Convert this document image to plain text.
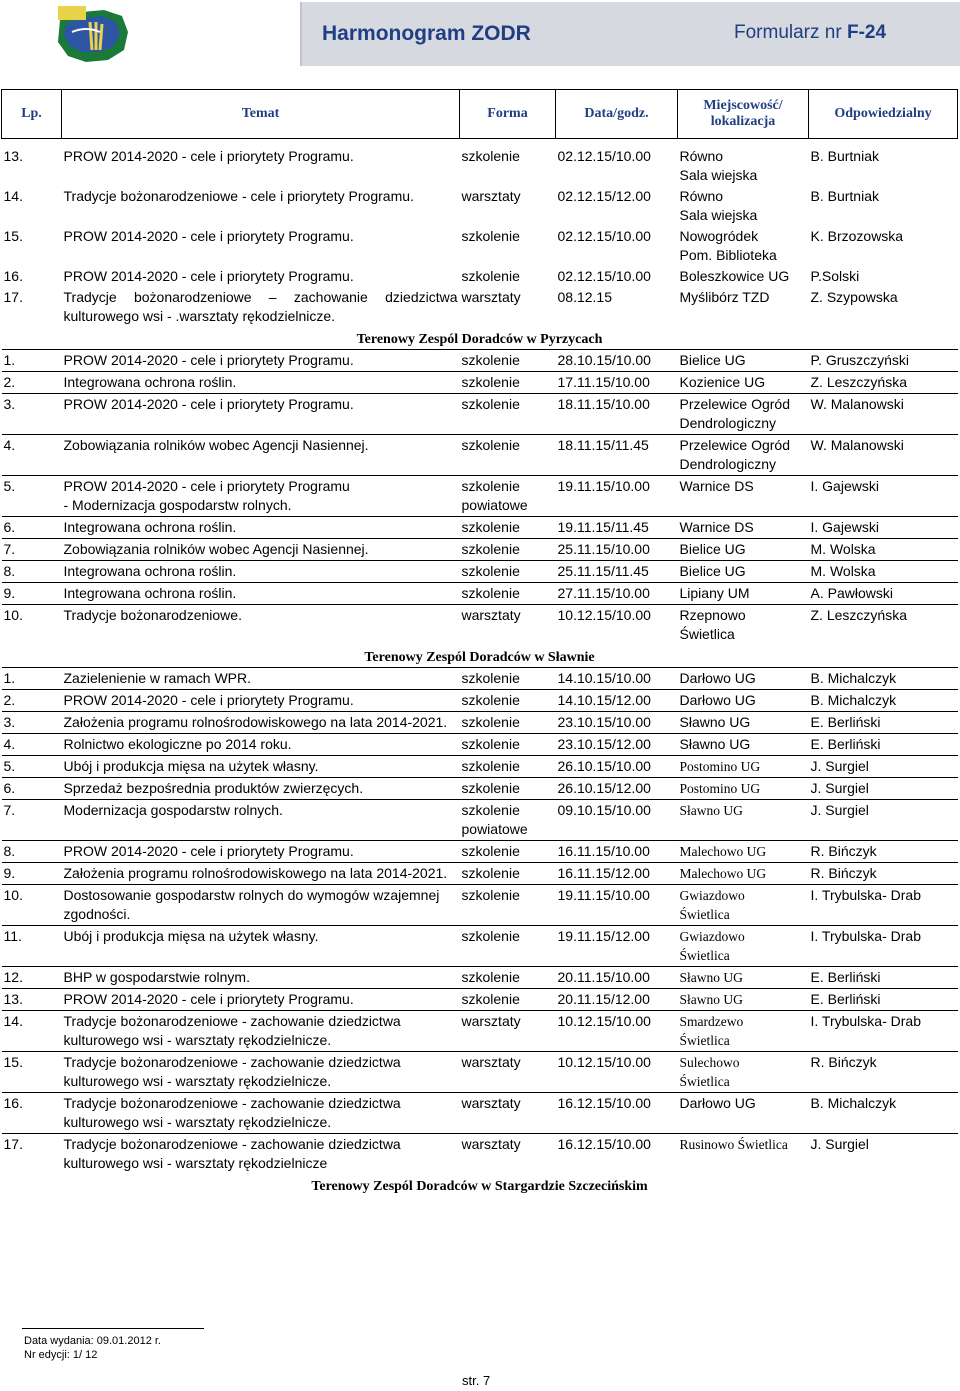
Harmonogram ZODR	Formularz nr F-24
Lp.	Temat	Forma	Data/godz.	Miejscowość/ lokalizacja	Odpowiedzialny
13.	PROW 2014-2020 - cele i priorytety Programu.	szkolenie	02.12.15/10.00	Równo
Sala wiejska	B. Burtniak
14.	Tradycje bożonarodzeniowe - cele i priorytety Programu.	warsztaty	02.12.15/12.00	Równo
Sala wiejska	B. Burtniak
15.	PROW 2014-2020 - cele i priorytety Programu.	szkolenie	02.12.15/10.00	Nowogródek
Pom. Biblioteka	K. Brzozowska
16.	PROW 2014-2020 - cele i priorytety Programu.	szkolenie	02.12.15/10.00	Boleszkowice UG	P.Solski
17.	Tradycje bożonarodzeniowe – zachowanie dziedzictwa kulturowego wsi - .warsztaty rękodzielnicze.	warsztaty	08.12.15	Myślibórz TZD	Z. Szypowska
Terenowy Zespól Doradców w Pyrzycach					
1.	PROW 2014-2020 - cele i priorytety Programu.	szkolenie	28.10.15/10.00	Bielice UG	P. Gruszczyński
2.	Integrowana ochrona roślin.	szkolenie	17.11.15/10.00	Kozienice UG	Z. Leszczyńska
3.	PROW 2014-2020 - cele i priorytety Programu.	szkolenie	18.11.15/10.00	Przelewice Ogród Dendrologiczny	W. Malanowski
4.	Zobowiązania rolników wobec Agencji Nasiennej.	szkolenie	18.11.15/11.45	Przelewice Ogród Dendrologiczny	W. Malanowski
5.	PROW 2014-2020 - cele i priorytety Programu
- Modernizacja gospodarstw rolnych.	szkolenie powiatowe	19.11.15/10.00	Warnice DS	I. Gajewski
6.	Integrowana ochrona roślin.	szkolenie	19.11.15/11.45	Warnice DS	I. Gajewski
7.	Zobowiązania rolników wobec Agencji Nasiennej.	szkolenie	25.11.15/10.00	Bielice UG	M. Wolska
8.	Integrowana ochrona roślin.	szkolenie	25.11.15/11.45	Bielice UG	M. Wolska
9.	Integrowana ochrona roślin.	szkolenie	27.11.15/10.00	Lipiany UM	A. Pawłowski
10.	Tradycje bożonarodzeniowe.	warsztaty	10.12.15/10.00	Rzepnowo
Świetlica	Z. Leszczyńska
Terenowy Zespól Doradców w Sławnie					
1.	Zazielenienie w ramach WPR.	szkolenie	14.10.15/10.00	Darłowo UG	B. Michalczyk
2.	PROW 2014-2020 - cele i priorytety Programu.	szkolenie	14.10.15/12.00	Darłowo UG	B. Michalczyk
3.	Założenia programu rolnośrodowiskowego na lata 2014-2021.	szkolenie	23.10.15/10.00	Sławno UG	E. Berliński
4.	Rolnictwo ekologiczne po 2014 roku.	szkolenie	23.10.15/12.00	Sławno UG	E. Berliński
5.	Ubój i produkcja mięsa na użytek własny.	szkolenie	26.10.15/10.00	Postomino UG	J. Surgiel
6.	Sprzedaż bezpośrednia produktów zwierzęcych.	szkolenie	26.10.15/12.00	Postomino UG	J. Surgiel
7.	Modernizacja gospodarstw rolnych.	szkolenie powiatowe	09.10.15/10.00	Sławno UG	J. Surgiel
8.	PROW 2014-2020 - cele i priorytety Programu.	szkolenie	16.11.15/10.00	Malechowo UG	R. Bińczyk
9.	Założenia programu rolnośrodowiskowego na lata 2014-2021.	szkolenie	16.11.15/12.00	Malechowo UG	R. Bińczyk
10.	Dostosowanie gospodarstw rolnych do wymogów wzajemnej zgodności.	szkolenie	19.11.15/10.00	Gwiazdowo
Świetlica	I. Trybulska- Drab
11.	Ubój i produkcja mięsa na użytek własny.	szkolenie	19.11.15/12.00	Gwiazdowo
Świetlica	I. Trybulska- Drab
12.	BHP w gospodarstwie rolnym.	szkolenie	20.11.15/10.00	Sławno UG	E. Berliński
13.	PROW 2014-2020 - cele i priorytety Programu.	szkolenie	20.11.15/12.00	Sławno UG	E. Berliński
14.	Tradycje bożonarodzeniowe - zachowanie dziedzictwa kulturowego wsi - warsztaty rękodzielnicze.	warsztaty	10.12.15/10.00	Smardzewo
Świetlica	I. Trybulska- Drab
15.	Tradycje bożonarodzeniowe - zachowanie dziedzictwa kulturowego wsi - warsztaty rękodzielnicze.	warsztaty	10.12.15/10.00	Sulechowo
Świetlica	R. Bińczyk
16.	Tradycje bożonarodzeniowe - zachowanie dziedzictwa kulturowego wsi - warsztaty rękodzielnicze.	warsztaty	16.12.15/10.00	Darłowo UG	B. Michalczyk
17.	Tradycje bożonarodzeniowe - zachowanie dziedzictwa kulturowego wsi - warsztaty rękodzielnicze	warsztaty	16.12.15/10.00	Rusinowo Świetlica	J. Surgiel
Terenowy Zespól Doradców w Stargardzie Szczecińskim					
Data wydania: 09.01.2012 r.
Nr edycji: 1/ 12
str. 7
